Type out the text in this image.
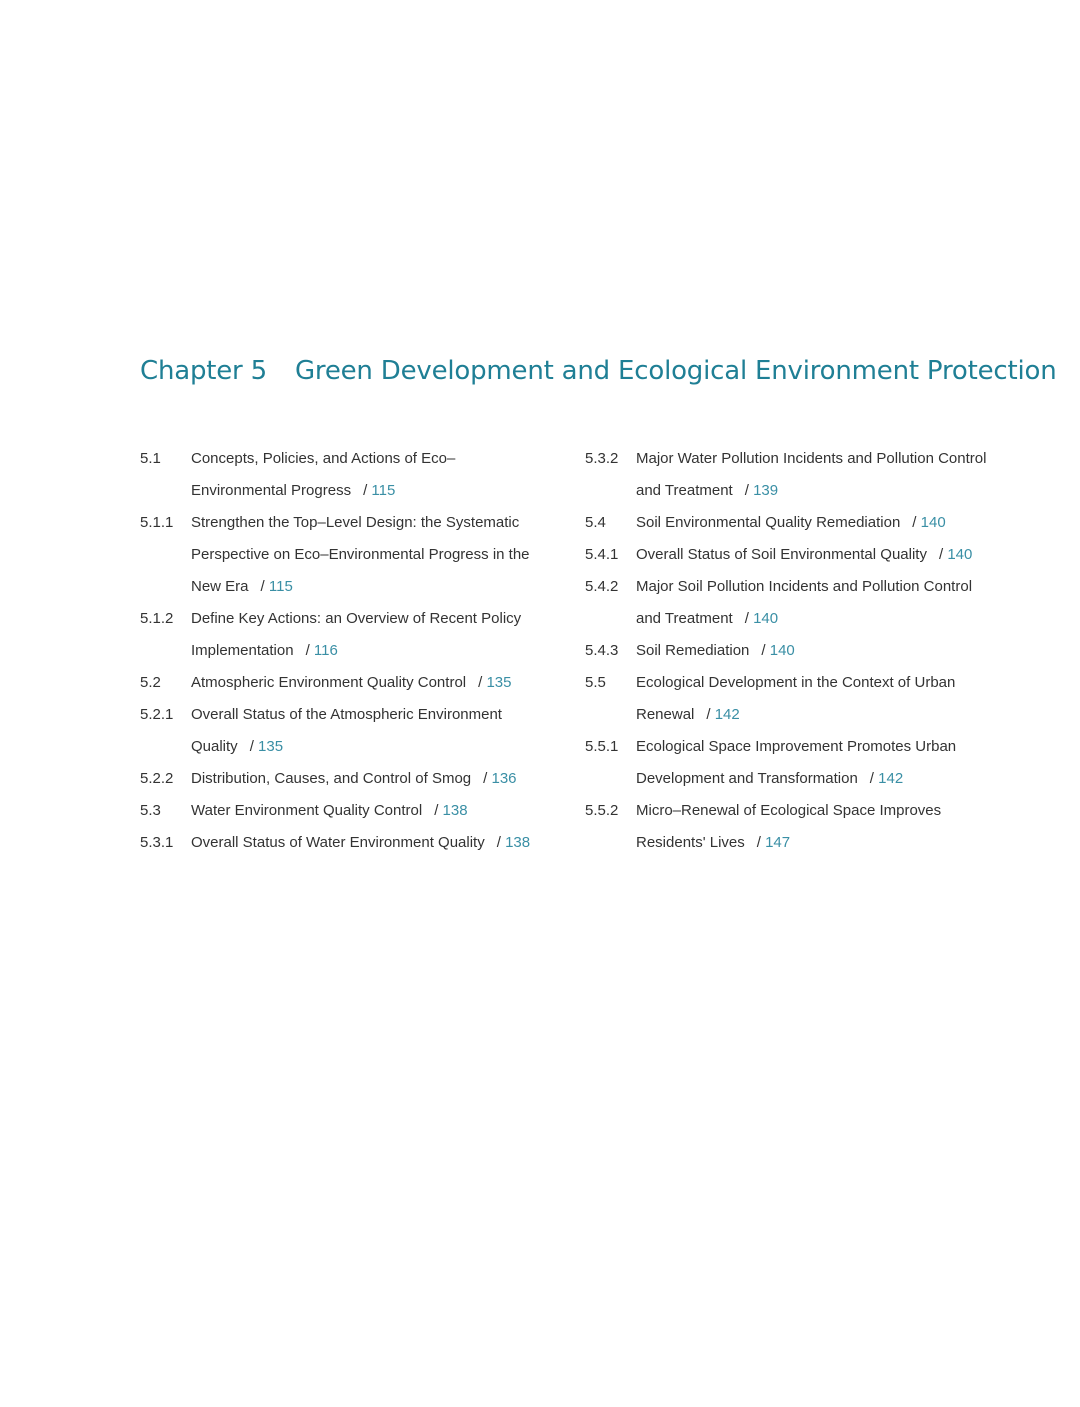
Chapter 5 Green Development and Ecological Environment Protection
5.1 Concepts, Policies, and Actions of Eco–
Environmental Progress / 115
5.1.1 Strengthen the Top–Level Design: the Systematic
Perspective on Eco–Environmental Progress in the
New Era / 115
5.1.2 Define Key Actions: an Overview of Recent Policy
Implementation / 116
5.2 Atmospheric Environment Quality Control / 135
5.2.1 Overall Status of the Atmospheric Environment
Quality / 135
5.2.2 Distribution, Causes, and Control of Smog / 136
5.3 Water Environment Quality Control / 138
5.3.1 Overall Status of Water Environment Quality / 138
5.3.2 Major Water Pollution Incidents and Pollution Control
and Treatment / 139
5.4 Soil Environmental Quality Remediation / 140
5.4.1 Overall Status of Soil Environmental Quality / 140
5.4.2 Major Soil Pollution Incidents and Pollution Control
and Treatment / 140
5.4.3 Soil Remediation / 140
5.5 Ecological Development in the Context of Urban
Renewal / 142
5.5.1 Ecological Space Improvement Promotes Urban
Development and Transformation / 142
5.5.2 Micro–Renewal of Ecological Space Improves
Residents' Lives / 147
